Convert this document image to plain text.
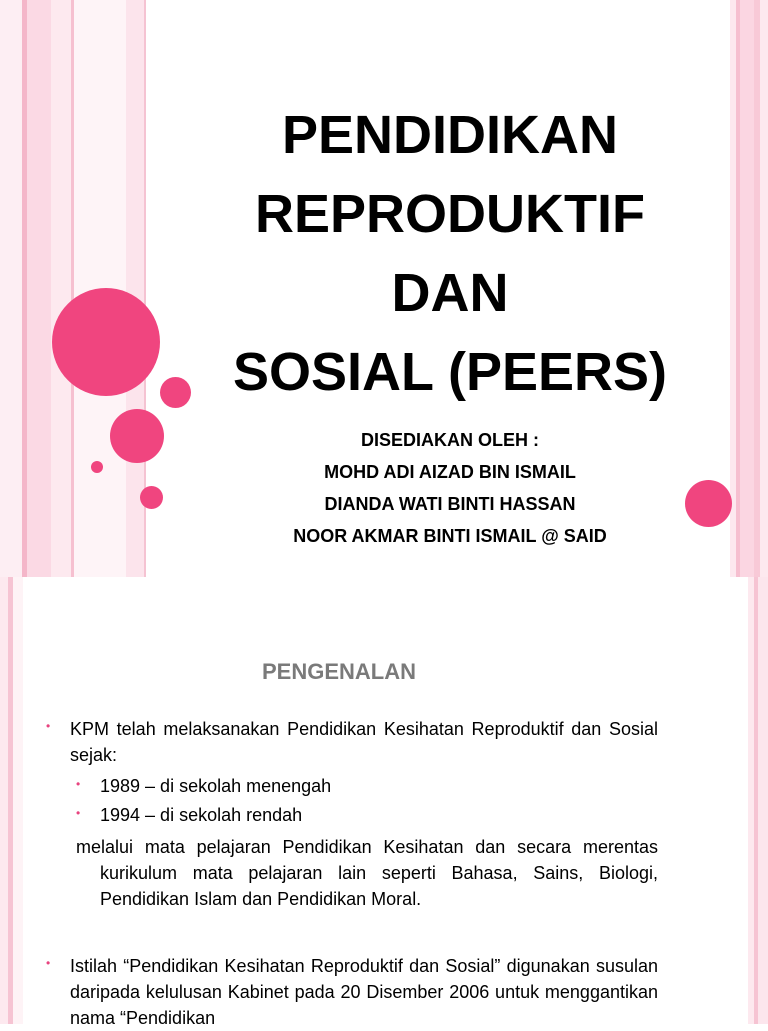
PENDIDIKAN
REPRODUKTIF
DAN
SOSIAL (PEERS)
DISEDIAKAN OLEH :
MOHD ADI AIZAD BIN ISMAIL
DIANDA WATI BINTI HASSAN
NOOR AKMAR BINTI ISMAIL @ SAID
PENGENALAN
• KPM telah melaksanakan Pendidikan Kesihatan Reproduktif dan Sosial sejak:
• 1989 – di sekolah menengah
• 1994 – di sekolah rendah
melalui mata pelajaran Pendidikan Kesihatan dan secara merentas kurikulum mata pelajaran lain seperti Bahasa, Sains, Biologi, Pendidikan Islam dan Pendidikan Moral.
• Istilah “Pendidikan Kesihatan Reproduktif dan Sosial” digunakan susulan daripada kelulusan Kabinet pada 20 Disember 2006 untuk menggantikan nama “Pendidikan
